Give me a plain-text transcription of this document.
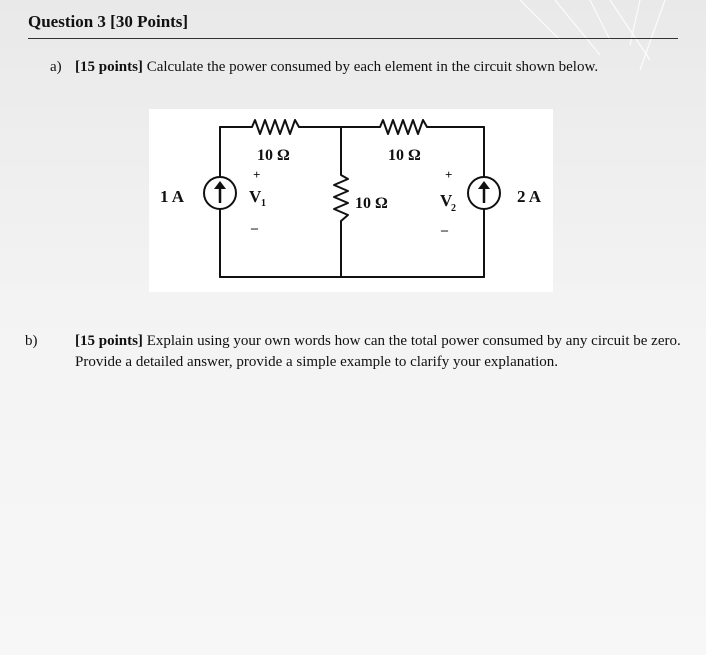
Question 3 [30 Points]
a) [15 points] Calculate the power consumed by each element in the circuit shown below.
1 A	2 A
10 Ω	10 Ω
10 Ω
+
V 1
–
+
V
2
–
b)	[15 points] Explain using your own words how can the total power consumed by any circuit be zero. Provide a detailed answer, provide a simple example to clarify your explanation.
